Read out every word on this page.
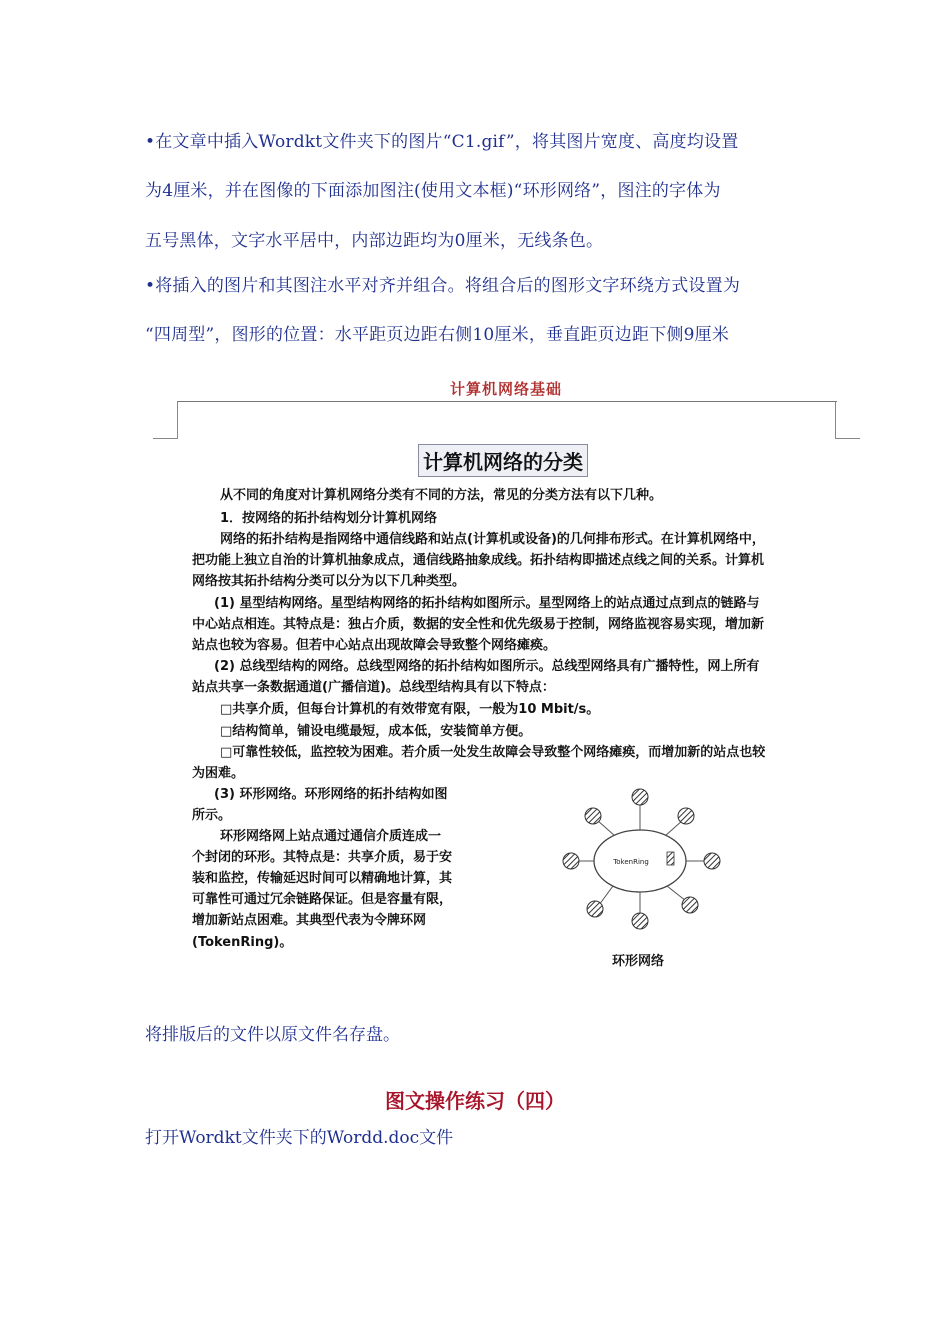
•在文章中插入Wordkt文件夹下的图片“C1.gif”，将其图片宽度、高度均设置

为4厘米，并在图像的下面添加图注(使用文本框)“环形网络”，图注的字体为

五号黑体，文字水平居中，内部边距均为0厘米，无线条色。

•将插入的图片和其图注水平对齐并组合。将组合后的图形文字环绕方式设置为

“四周型”，图形的位置：水平距页边距右侧10厘米，垂直距页边距下侧9厘米

计算机网络基础
计算机网络的分类
从不同的角度对计算机网络分类有不同的方法，常见的分类方法有以下几种。
1．按网络的拓扑结构划分计算机网络
网络的拓扑结构是指网络中通信线路和站点(计算机或设备)的几何排布形式。在计算机网络中，
把功能上独立自治的计算机抽象成点，通信线路抽象成线。拓扑结构即描述点线之间的关系。计算机
网络按其拓扑结构分类可以分为以下几种类型。
(1) 星型结构网络。星型结构网络的拓扑结构如图所示。星型网络上的站点通过点到点的链路与
中心站点相连。其特点是：独占介质，数据的安全性和优先级易于控制，网络监视容易实现，增加新
站点也较为容易。但若中心站点出现故障会导致整个网络瘫痪。
(2) 总线型结构的网络。总线型网络的拓扑结构如图所示。总线型网络具有广播特性，网上所有
站点共享一条数据通道(广播信道)。总线型结构具有以下特点：
□共享介质，但每台计算机的有效带宽有限，一般为10 Mbit/s。
□结构简单，铺设电缆最短，成本低，安装简单方便。
□可靠性较低，监控较为困难。若介质一处发生故障会导致整个网络瘫痪，而增加新的站点也较
为困难。
(3) 环形网络。环形网络的拓扑结构如图
所示。
环形网络网上站点通过通信介质连成一
个封闭的环形。其特点是：共享介质，易于安
装和监控，传输延迟时间可以精确地计算，其
可靠性可通过冗余链路保证。但是容量有限，
增加新站点困难。其典型代表为令牌环网
(TokenRing)。
TokenRing
环形网络

将排版后的文件以原文件名存盘。

图文操作练习（四）

打开Wordkt文件夹下的Wordd.doc文件
